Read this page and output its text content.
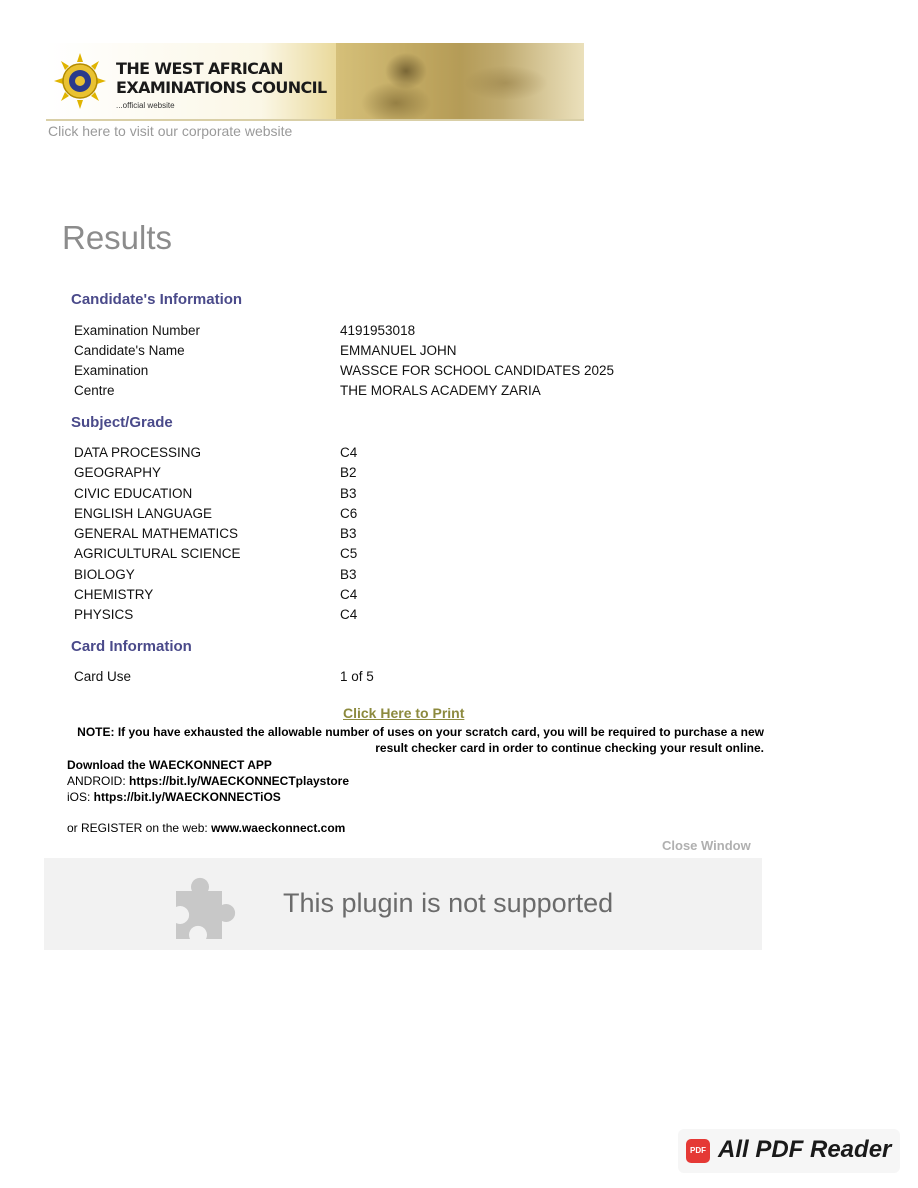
THE WEST AFRICAN
EXAMINATIONS COUNCIL
...official website
Click here to visit our corporate website
Results
Candidate's Information
Examination Number	4191953018
Candidate's Name	EMMANUEL JOHN
Examination	WASSCE FOR SCHOOL CANDIDATES 2025
Centre	THE MORALS ACADEMY ZARIA
Subject/Grade
DATA PROCESSING	C4
GEOGRAPHY	B2
CIVIC EDUCATION	B3
ENGLISH LANGUAGE	C6
GENERAL MATHEMATICS	B3
AGRICULTURAL SCIENCE	C5
BIOLOGY	B3
CHEMISTRY	C4
PHYSICS	C4
Card Information
Card Use	1 of 5
Click Here to Print
NOTE: If you have exhausted the allowable number of uses on your scratch card, you will be required to purchase a new result checker card in order to continue checking your result online.

Download the WAECKONNECT APP

ANDROID: https://bit.ly/WAECKONNECTplaystore

iOS: https://bit.ly/WAECKONNECTiOS

or REGISTER on the web: www.waeckonnect.com

Close Window
This plugin is not supported
PDF All PDF Reader
